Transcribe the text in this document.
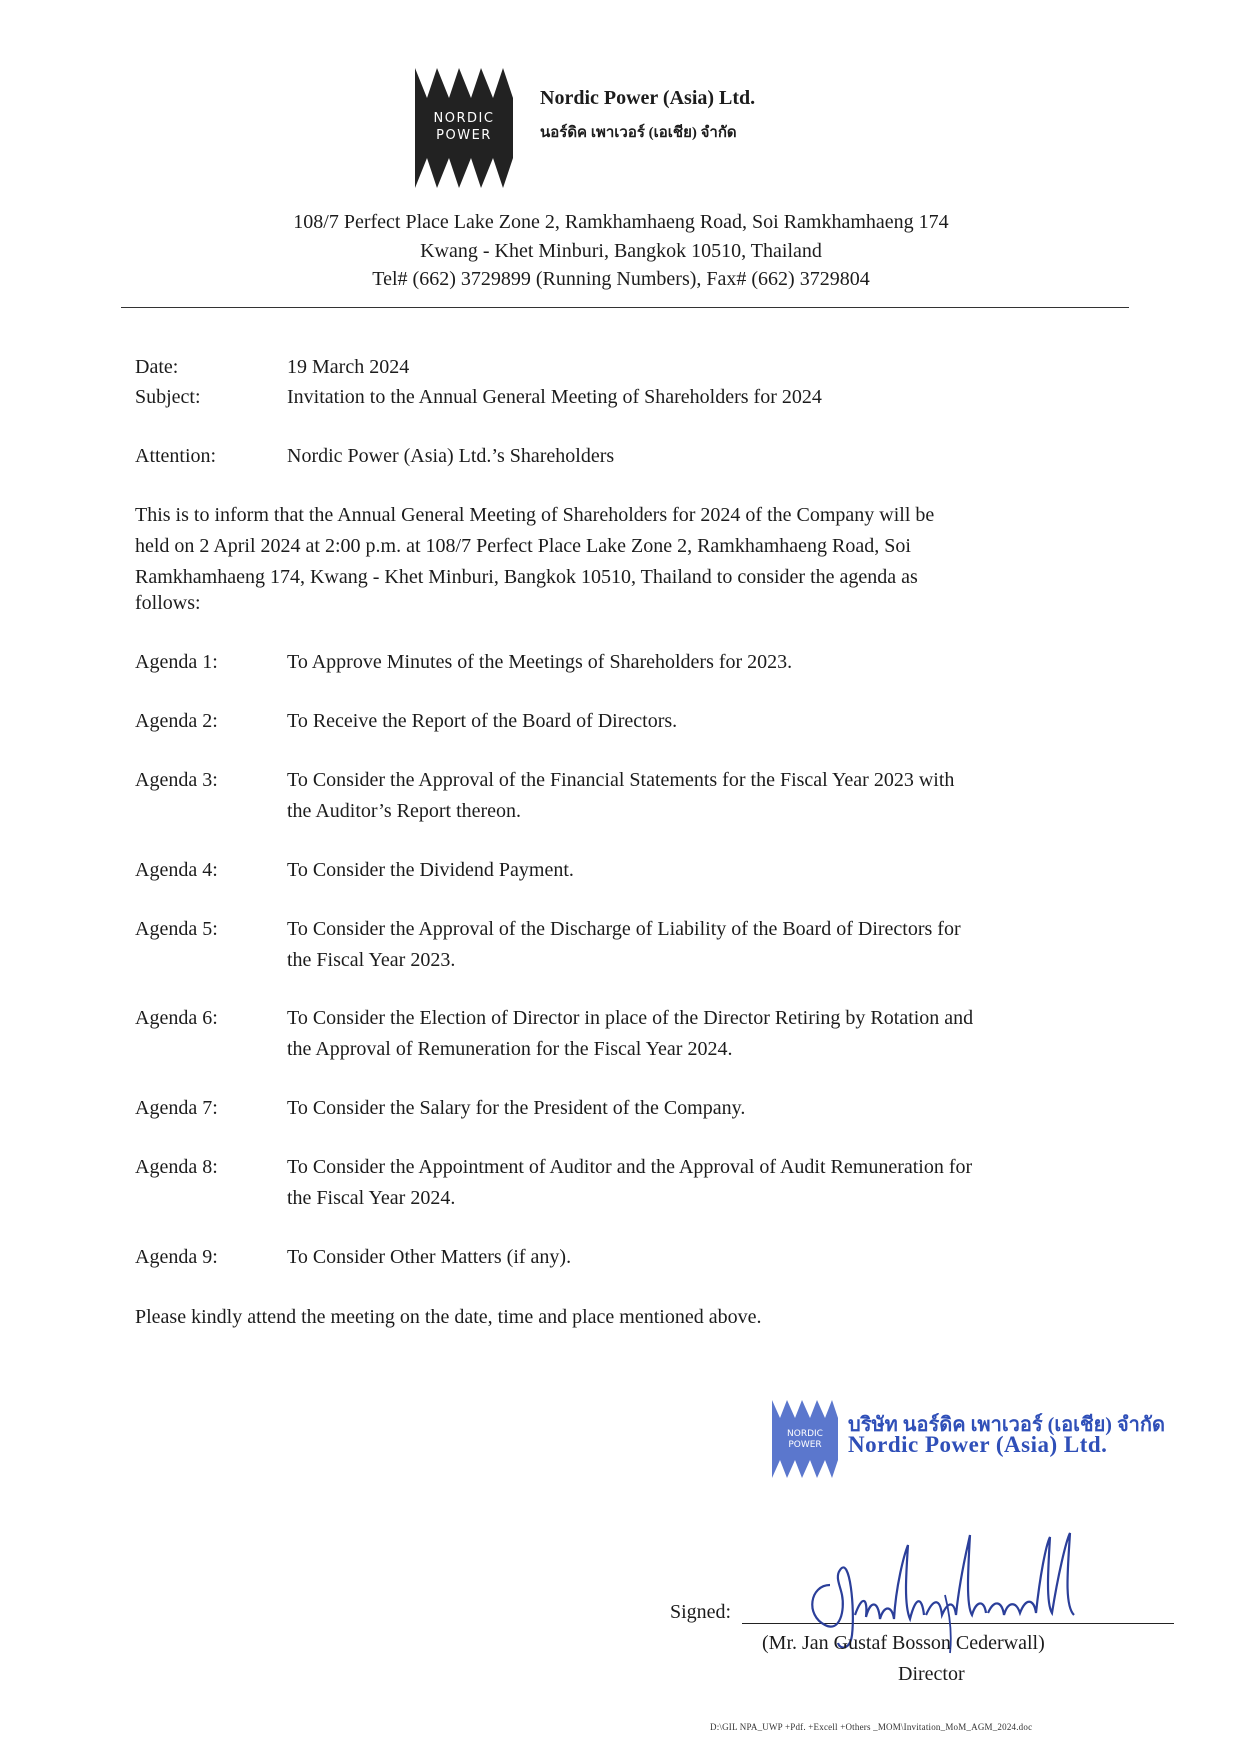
NORDIC
POWER
Nordic Power (Asia) Ltd.
นอร์ดิค เพาเวอร์ (เอเชีย) จำกัด
108/7 Perfect Place Lake Zone 2, Ramkhamhaeng Road, Soi Ramkhamhaeng 174
Kwang - Khet Minburi, Bangkok 10510, Thailand
Tel# (662) 3729899 (Running Numbers), Fax# (662) 3729804
Date:	19 March 2024
Subject:	Invitation to the Annual General Meeting of Shareholders for 2024
Attention:	Nordic Power (Asia) Ltd.’s Shareholders
This is to inform that the Annual General Meeting of Shareholders for 2024 of the Company will be
held on 2 April 2024 at 2:00 p.m. at 108/7 Perfect Place Lake Zone 2, Ramkhamhaeng Road, Soi
Ramkhamhaeng 174, Kwang - Khet Minburi, Bangkok 10510, Thailand to consider the agenda as
follows:
Agenda 1:	To Approve Minutes of the Meetings of Shareholders for 2023.
Agenda 2:	To Receive the Report of the Board of Directors.
Agenda 3:	To Consider the Approval of the Financial Statements for the Fiscal Year 2023 with
the Auditor’s Report thereon.
Agenda 4:	To Consider the Dividend Payment.
Agenda 5:	To Consider the Approval of the Discharge of Liability of the Board of Directors for
the Fiscal Year 2023.
Agenda 6:	To Consider the Election of Director in place of the Director Retiring by Rotation and
the Approval of Remuneration for the Fiscal Year 2024.
Agenda 7:	To Consider the Salary for the President of the Company.
Agenda 8:	To Consider the Appointment of Auditor and the Approval of Audit Remuneration for
the Fiscal Year 2024.
Agenda 9:	To Consider Other Matters (if any).
Please kindly attend the meeting on the date, time and place mentioned above.
NORDIC
POWER
บริษัท นอร์ดิค เพาเวอร์ (เอเชีย) จำกัด
Nordic Power (Asia) Ltd.
Signed:
(Mr. Jan Gustaf Bosson Cederwall)
Director
D:\GIL NPA_UWP +Pdf. +Excell +Others _MOM\Invitation_MoM_AGM_2024.doc
